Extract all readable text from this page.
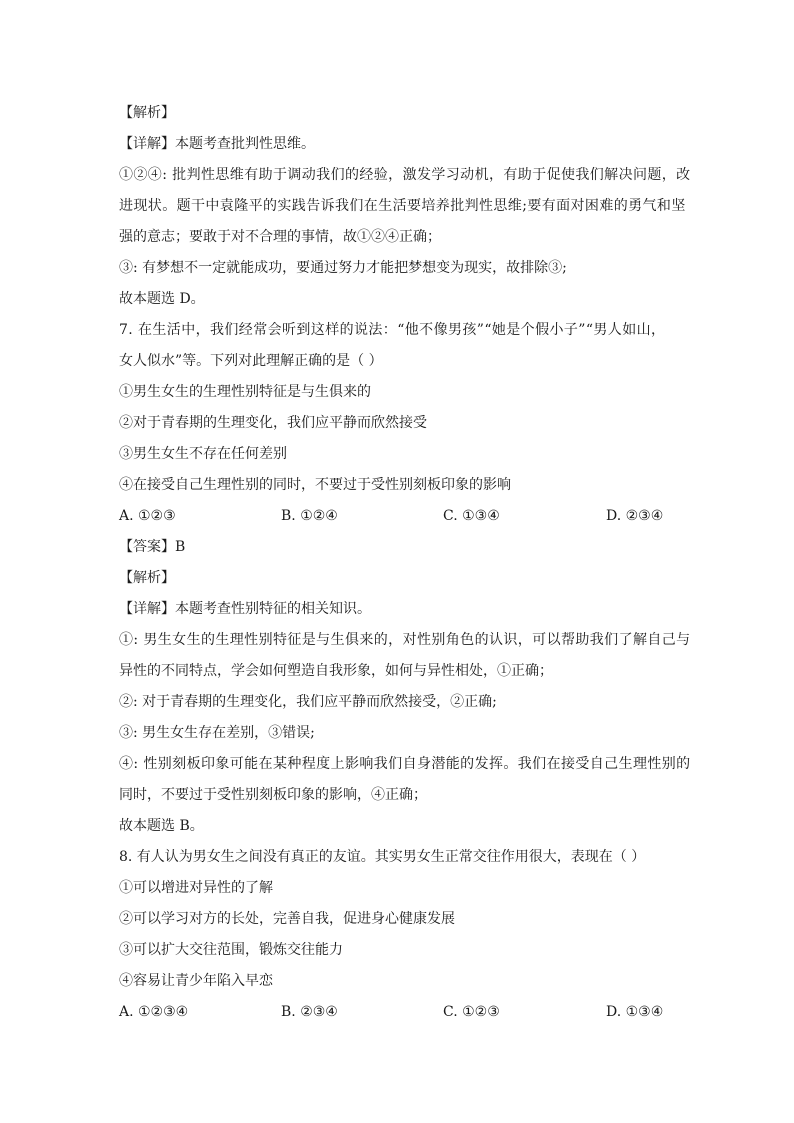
【解析】
【详解】本题考查批判性思维。
①②④: 批判性思维有助于调动我们的经验，激发学习动机，有助于促使我们解决问题，改
进现状。题干中袁隆平的实践告诉我们在生活要培养批判性思维;要有面对困难的勇气和坚
强的意志；要敢于对不合理的事情，故①②④正确；
③: 有梦想不一定就能成功，要通过努力才能把梦想变为现实，故排除③;
故本题选 D。
7. 在生活中，我们经常会听到这样的说法：“他不像男孩”“她是个假小子”“男人如山，
女人似水”等。下列对此理解正确的是（ ）
①男生女生的生理性别特征是与生俱来的
②对于青春期的生理变化，我们应平静而欣然接受
③男生女生不存在任何差别
④在接受自己生理性别的同时，不要过于受性别刻板印象的影响
A. ①②③	B. ①②④	C. ①③④	D. ②③④
【答案】B
【解析】
【详解】本题考查性别特征的相关知识。
①: 男生女生的生理性别特征是与生俱来的，对性别角色的认识，可以帮助我们了解自己与
异性的不同特点，学会如何塑造自我形象，如何与异性相处，①正确；
②: 对于青春期的生理变化，我们应平静而欣然接受，②正确;
③: 男生女生存在差别，③错误;
④: 性别刻板印象可能在某种程度上影响我们自身潜能的发挥。我们在接受自己生理性别的
同时，不要过于受性别刻板印象的影响，④正确；
故本题选 B。
8. 有人认为男女生之间没有真正的友谊。其实男女生正常交往作用很大，表现在（ ）
①可以增进对异性的了解
②可以学习对方的长处，完善自我，促进身心健康发展
③可以扩大交往范围，锻炼交往能力
④容易让青少年陷入早恋
A. ①②③④	B. ②③④	C. ①②③	D. ①③④
